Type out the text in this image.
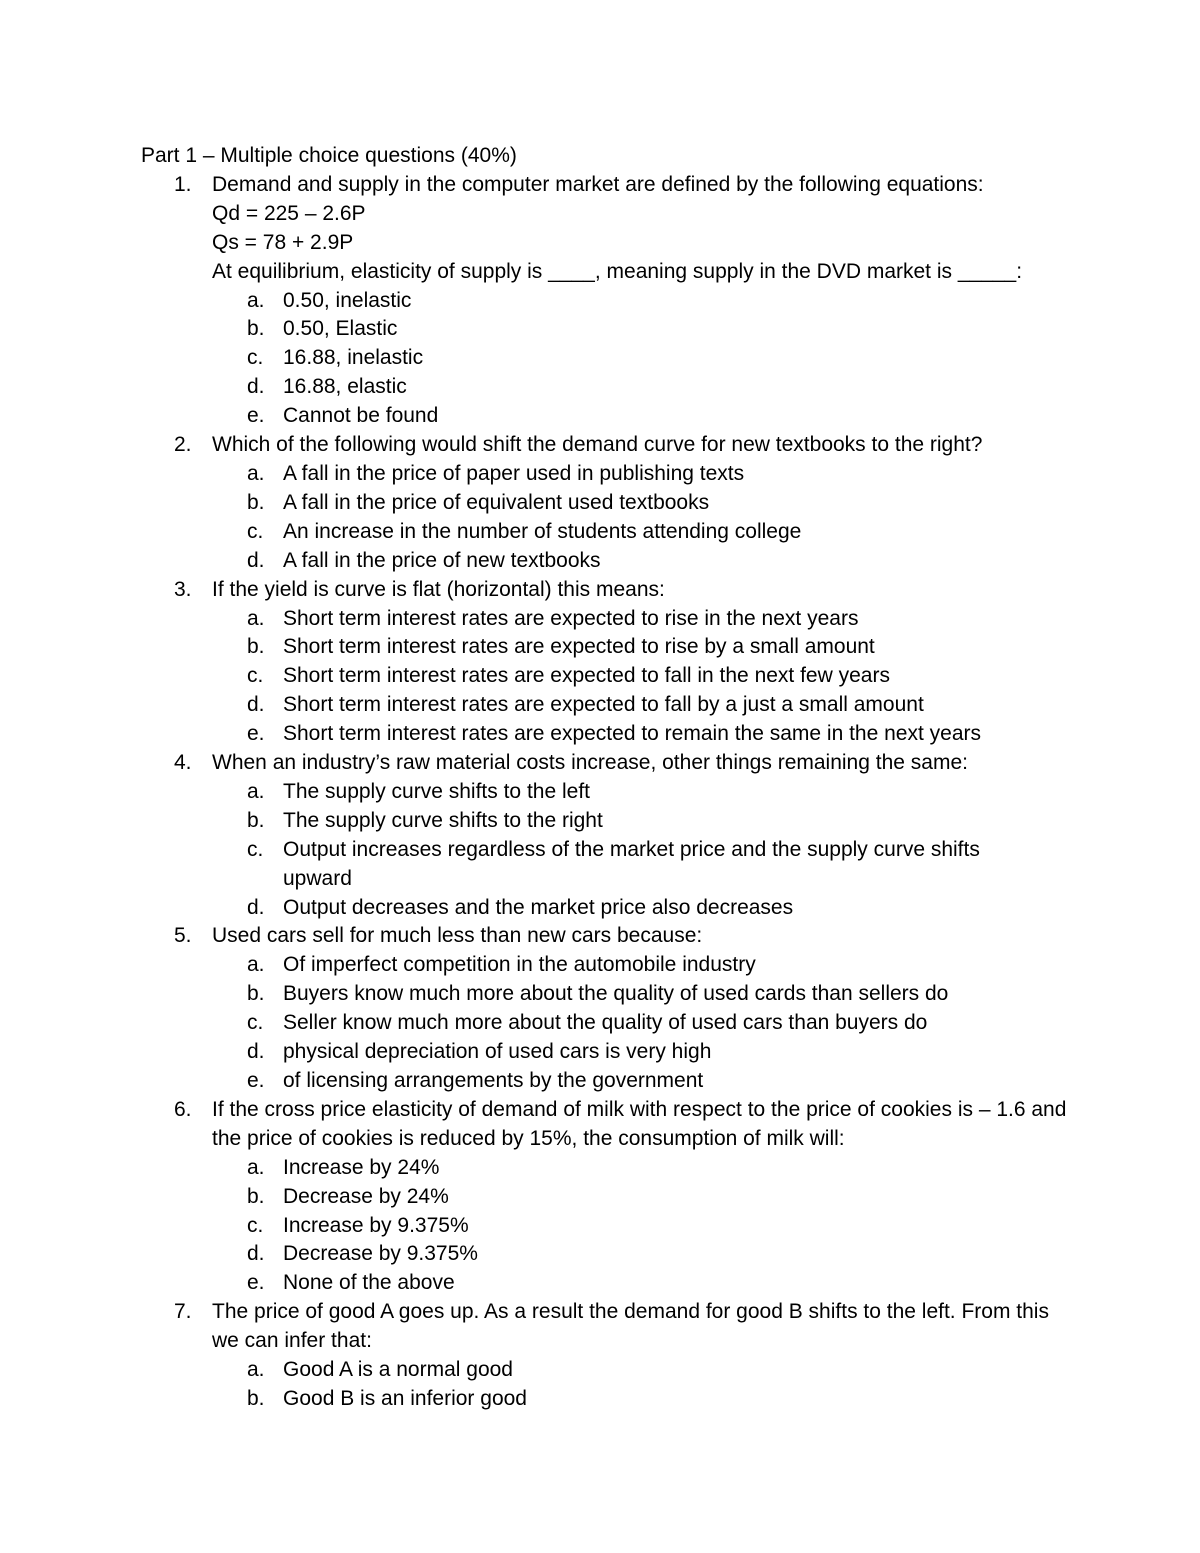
Part 1 – Multiple choice questions (40%)
1. Demand and supply in the computer market are defined by the following equations:
Qd = 225 – 2.6P
Qs = 78 + 2.9P
At equilibrium, elasticity of supply is ____, meaning supply in the DVD market is _____:
a. 0.50, inelastic
b. 0.50, Elastic
c. 16.88, inelastic
d. 16.88, elastic
e. Cannot be found
2. Which of the following would shift the demand curve for new textbooks to the right?
a. A fall in the price of paper used in publishing texts
b. A fall in the price of equivalent used textbooks
c. An increase in the number of students attending college
d. A fall in the price of new textbooks
3. If the yield is curve is flat (horizontal) this means:
a. Short term interest rates are expected to rise in the next years
b. Short term interest rates are expected to rise by a small amount
c. Short term interest rates are expected to fall in the next few years
d. Short term interest rates are expected to fall by a just a small amount
e. Short term interest rates are expected to remain the same in the next years
4. When an industry’s raw material costs increase, other things remaining the same:
a. The supply curve shifts to the left
b. The supply curve shifts to the right
c. Output increases regardless of the market price and the supply curve shifts upward
d. Output decreases and the market price also decreases
5. Used cars sell for much less than new cars because:
a. Of imperfect competition in the automobile industry
b. Buyers know much more about the quality of used cards than sellers do
c. Seller know much more about the quality of used cars than buyers do
d. physical depreciation of used cars is very high
e. of licensing arrangements by the government
6. If the cross price elasticity of demand of milk with respect to the price of cookies is – 1.6 and the price of cookies is reduced by 15%, the consumption of milk will:
a. Increase by 24%
b. Decrease by 24%
c. Increase by 9.375%
d. Decrease by 9.375%
e. None of the above
7. The price of good A goes up. As a result the demand for good B shifts to the left. From this we can infer that:
a. Good A is a normal good
b. Good B is an inferior good
